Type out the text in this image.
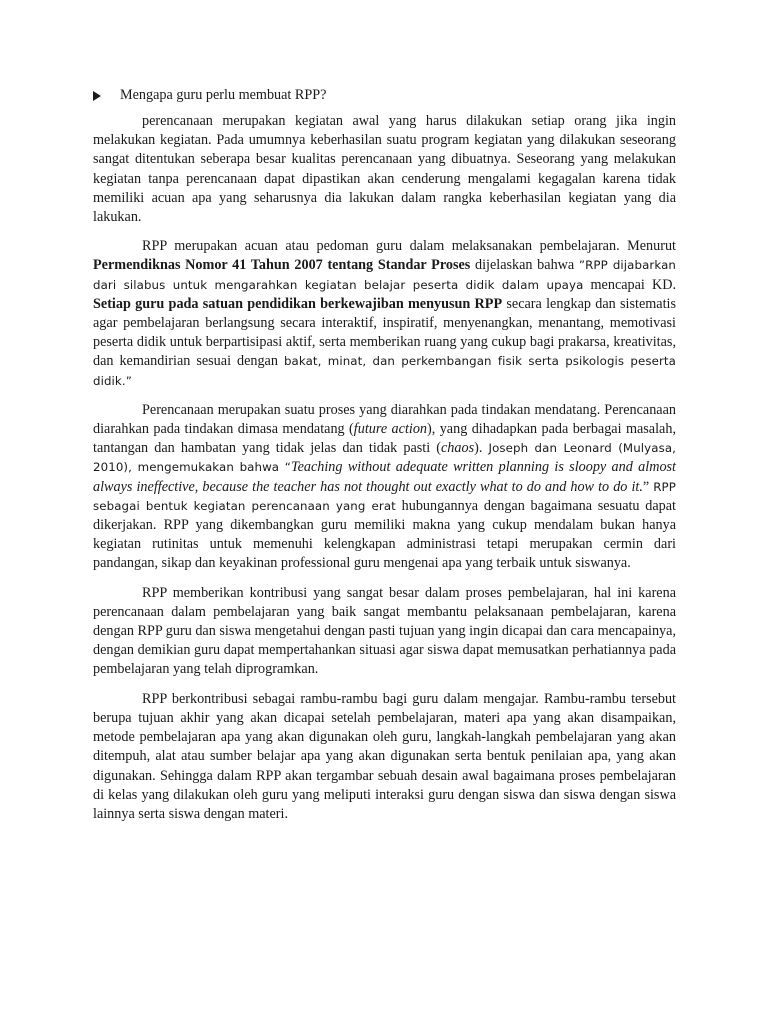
Mengapa guru perlu membuat RPP?

perencanaan merupakan kegiatan awal yang harus dilakukan setiap orang jika ingin melakukan kegiatan. Pada umumnya keberhasilan suatu program kegiatan yang dilakukan seseorang sangat ditentukan seberapa besar kualitas perencanaan yang dibuatnya. Seseorang yang melakukan kegiatan tanpa perencanaan dapat dipastikan akan cenderung mengalami kegagalan karena tidak memiliki acuan apa yang seharusnya dia lakukan dalam rangka keberhasilan kegiatan yang dia lakukan.

RPP merupakan acuan atau pedoman guru dalam melaksanakan pembelajaran. Menurut Permendiknas Nomor 41 Tahun 2007 tentang Standar Proses dijelaskan bahwa ”RPP dijabarkan dari silabus untuk mengarahkan kegiatan belajar peserta didik dalam upaya mencapai KD. Setiap guru pada satuan pendidikan berkewajiban menyusun RPP secara lengkap dan sistematis agar pembelajaran berlangsung secara interaktif, inspiratif, menyenangkan, menantang, memotivasi peserta didik untuk berpartisipasi aktif, serta memberikan ruang yang cukup bagi prakarsa, kreativitas, dan kemandirian sesuai dengan bakat, minat, dan perkembangan fisik serta psikologis peserta didik.”

Perencanaan merupakan suatu proses yang diarahkan pada tindakan mendatang. Perencanaan diarahkan pada tindakan dimasa mendatang (future action), yang dihadapkan pada berbagai masalah, tantangan dan hambatan yang tidak jelas dan tidak pasti (chaos). Joseph dan Leonard (Mulyasa, 2010), mengemukakan bahwa “Teaching without adequate written planning is sloopy and almost always ineffective, because the teacher has not thought out exactly what to do and how to do it.” RPP sebagai bentuk kegiatan perencanaan yang erat hubungannya dengan bagaimana sesuatu dapat dikerjakan. RPP yang dikembangkan guru memiliki makna yang cukup mendalam bukan hanya kegiatan rutinitas untuk memenuhi kelengkapan administrasi tetapi merupakan cermin dari pandangan, sikap dan keyakinan professional guru mengenai apa yang terbaik untuk siswanya.

RPP memberikan kontribusi yang sangat besar dalam proses pembelajaran, hal ini karena perencanaan dalam pembelajaran yang baik sangat membantu pelaksanaan pembelajaran, karena dengan RPP guru dan siswa mengetahui dengan pasti tujuan yang ingin dicapai dan cara mencapainya, dengan demikian guru dapat mempertahankan situasi agar siswa dapat memusatkan perhatiannya pada pembelajaran yang telah diprogramkan.

RPP berkontribusi sebagai rambu-rambu bagi guru dalam mengajar. Rambu-rambu tersebut berupa tujuan akhir yang akan dicapai setelah pembelajaran, materi apa yang akan disampaikan, metode pembelajaran apa yang akan digunakan oleh guru, langkah-langkah pembelajaran yang akan ditempuh, alat atau sumber belajar apa yang akan digunakan serta bentuk penilaian apa, yang akan digunakan. Sehingga dalam RPP akan tergambar sebuah desain awal bagaimana proses pembelajaran di kelas yang dilakukan oleh guru yang meliputi interaksi guru dengan siswa dan siswa dengan siswa lainnya serta siswa dengan materi.
